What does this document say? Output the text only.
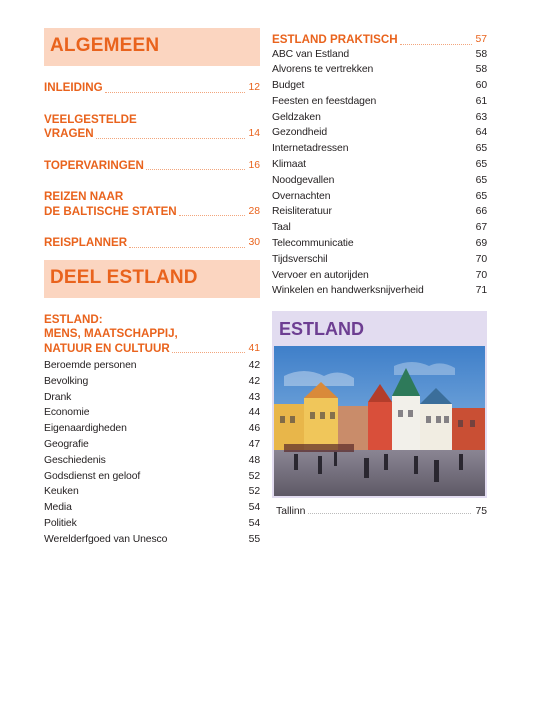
ALGEMEEN
INLEIDING	12
VEELGESTELDE
VRAGEN	14
TOPERVARINGEN	16
REIZEN NAAR
DE BALTISCHE STATEN	28
REISPLANNER	30
DEEL ESTLAND
ESTLAND:
MENS, MAATSCHAPPIJ,
NATUUR EN CULTUUR	41
Beroemde personen	42
Bevolking	42
Drank	43
Economie	44
Eigenaardigheden	46
Geografie	47
Geschiedenis	48
Godsdienst en geloof	52
Keuken	52
Media	54
Politiek	54
Werelderfgoed van Unesco	55
ESTLAND PRAKTISCH	57
ABC van Estland	58
Alvorens te vertrekken	58
Budget	60
Feesten en feestdagen	61
Geldzaken	63
Gezondheid	64
Internetadressen	65
Klimaat	65
Noodgevallen	65
Overnachten	65
Reisliteratuur	66
Taal	67
Telecommunicatie	69
Tijdsverschil	70
Vervoer en autorijden	70
Winkelen en handwerksnijverheid	71
ESTLAND
Tallinn	75
